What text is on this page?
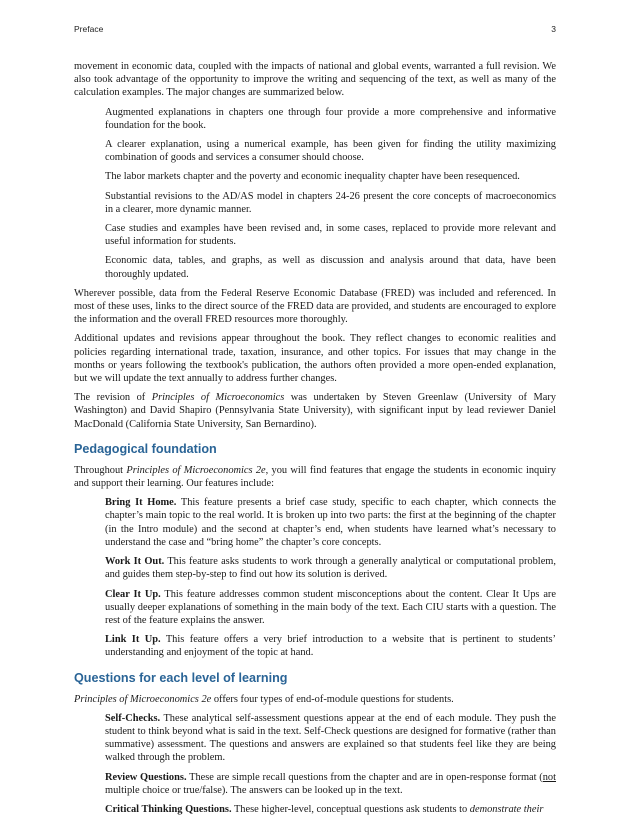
Preface	3

movement in economic data, coupled with the impacts of national and global events, warranted a full revision. We also took advantage of the opportunity to improve the writing and sequencing of the text, as well as many of the calculation examples. The major changes are summarized below.

Augmented explanations in chapters one through four provide a more comprehensive and informative foundation for the book.

A clearer explanation, using a numerical example, has been given for finding the utility maximizing combination of goods and services a consumer should choose.

The labor markets chapter and the poverty and economic inequality chapter have been resequenced.

Substantial revisions to the AD/AS model in chapters 24-26 present the core concepts of macroeconomics in a clearer, more dynamic manner.

Case studies and examples have been revised and, in some cases, replaced to provide more relevant and useful information for students.

Economic data, tables, and graphs, as well as discussion and analysis around that data, have been thoroughly updated.

Wherever possible, data from the Federal Reserve Economic Database (FRED) was included and referenced. In most of these uses, links to the direct source of the FRED data are provided, and students are encouraged to explore the information and the overall FRED resources more thoroughly.

Additional updates and revisions appear throughout the book. They reflect changes to economic realities and policies regarding international trade, taxation, insurance, and other topics. For issues that may change in the months or years following the textbook's publication, the authors often provided a more open-ended explanation, but we will update the text annually to address further changes.

The revision of Principles of Microeconomics was undertaken by Steven Greenlaw (University of Mary Washington) and David Shapiro (Pennsylvania State University), with significant input by lead reviewer Daniel MacDonald (California State University, San Bernardino).

Pedagogical foundation

Throughout Principles of Microeconomics 2e, you will find features that engage the students in economic inquiry and support their learning. Our features include:

Bring It Home. This feature presents a brief case study, specific to each chapter, which connects the chapter’s main topic to the real world. It is broken up into two parts: the first at the beginning of the chapter (in the Intro module) and the second at chapter’s end, when students have learned what’s necessary to understand the case and “bring home” the chapter’s core concepts.

Work It Out. This feature asks students to work through a generally analytical or computational problem, and guides them step-by-step to find out how its solution is derived.

Clear It Up. This feature addresses common student misconceptions about the content. Clear It Ups are usually deeper explanations of something in the main body of the text. Each CIU starts with a question. The rest of the feature explains the answer.

Link It Up. This feature offers a very brief introduction to a website that is pertinent to students’ understanding and enjoyment of the topic at hand.

Questions for each level of learning

Principles of Microeconomics 2e offers four types of end-of-module questions for students.

Self-Checks. These analytical self-assessment questions appear at the end of each module. They push the student to think beyond what is said in the text. Self-Check questions are designed for formative (rather than summative) assessment. The questions and answers are explained so that students feel like they are being walked through the problem.

Review Questions. These are simple recall questions from the chapter and are in open-response format (not multiple choice or true/false). The answers can be looked up in the text.

Critical Thinking Questions. These higher-level, conceptual questions ask students to demonstrate their
